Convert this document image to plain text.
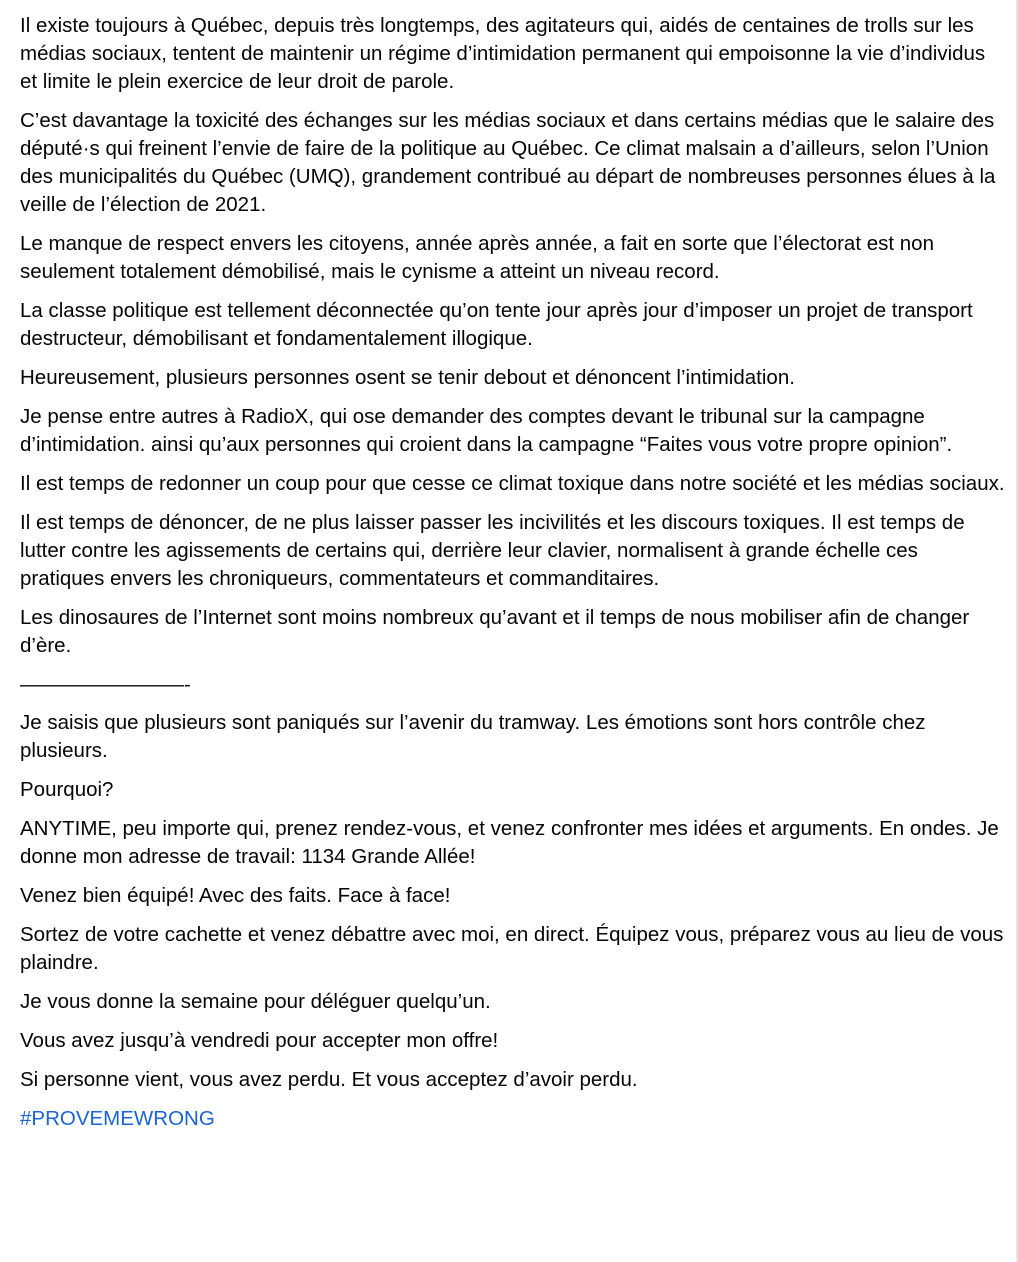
Il existe toujours à Québec, depuis très longtemps, des agitateurs qui, aidés de centaines de trolls sur les médias sociaux, tentent de maintenir un régime d’intimidation permanent qui empoisonne la vie d’individus et limite le plein exercice de leur droit de parole.

C’est davantage la toxicité des échanges sur les médias sociaux et dans certains médias que le salaire des député·s qui freinent l’envie de faire de la politique au Québec. Ce climat malsain a d’ailleurs, selon l’Union des municipalités du Québec (UMQ), grandement contribué au départ de nombreuses personnes élues à la veille de l’élection de 2021.

Le manque de respect envers les citoyens, année après année, a fait en sorte que l’électorat est non seulement totalement démobilisé, mais le cynisme a atteint un niveau record.

La classe politique est tellement déconnectée qu’on tente jour après jour d’imposer un projet de transport destructeur, démobilisant et fondamentalement illogique.

Heureusement, plusieurs personnes osent se tenir debout et dénoncent l’intimidation.

Je pense entre autres à RadioX, qui ose demander des comptes devant le tribunal sur la campagne d’intimidation. ainsi qu’aux personnes qui croient dans la campagne “Faites vous votre propre opinion”.

Il est temps de redonner un coup pour que cesse ce climat toxique dans notre société et les médias sociaux.

Il est temps de dénoncer, de ne plus laisser passer les incivilités et les discours toxiques. Il est temps de lutter contre les agissements de certains qui, derrière leur clavier, normalisent à grande échelle ces pratiques envers les chroniqueurs, commentateurs et commanditaires.

Les dinosaures de l’Internet sont moins nombreux qu’avant et il temps de nous mobiliser afin de changer d’ère.

————————-

Je saisis que plusieurs sont paniqués sur l’avenir du tramway. Les émotions sont hors contrôle chez plusieurs.

Pourquoi?

ANYTIME, peu importe qui, prenez rendez-vous, et venez confronter mes idées et arguments. En ondes. Je donne mon adresse de travail: 1134 Grande Allée!

Venez bien équipé! Avec des faits. Face à face!

Sortez de votre cachette et venez débattre avec moi, en direct. Équipez vous, préparez vous au lieu de vous plaindre.

Je vous donne la semaine pour déléguer quelqu’un.

Vous avez jusqu’à vendredi pour accepter mon offre!

Si personne vient, vous avez perdu. Et vous acceptez d’avoir perdu.

#PROVEMEWRONG
